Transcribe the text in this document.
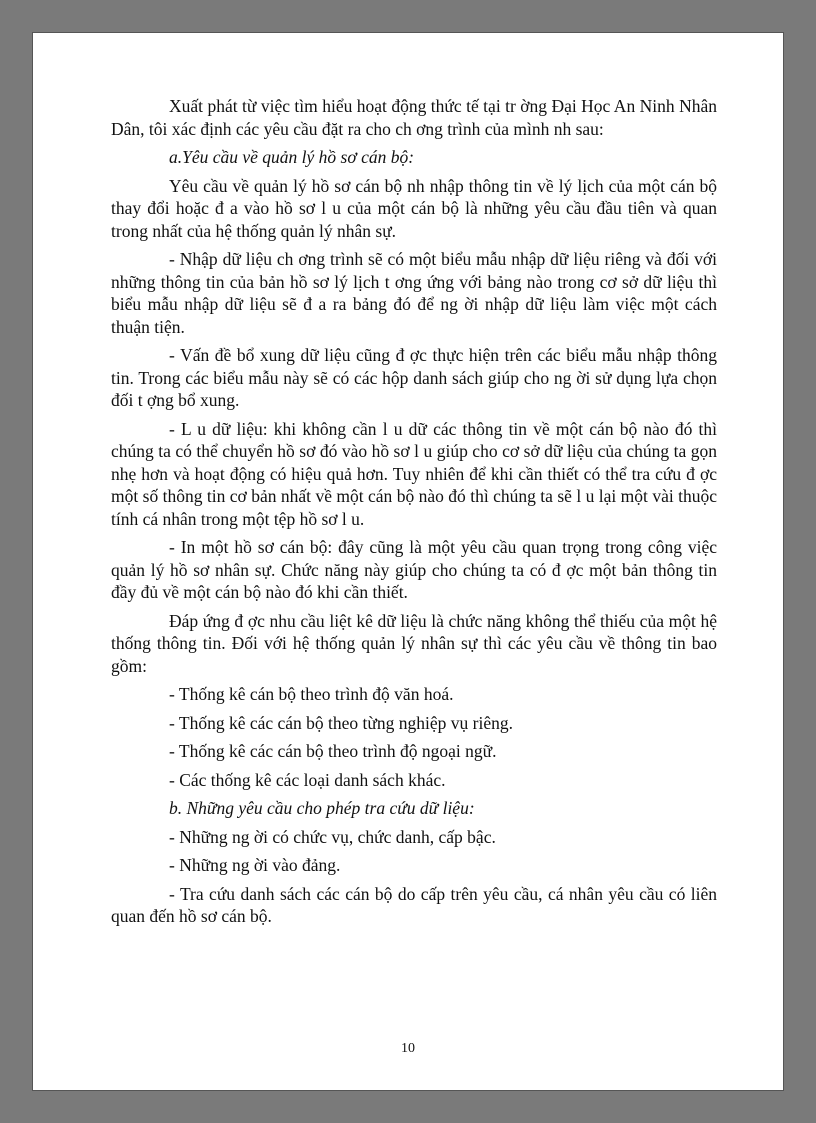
Xuất phát từ việc tìm hiểu hoạt động thức tế tại tr ờng Đại Học An Ninh Nhân Dân, tôi xác định các yêu cầu đặt ra cho ch ơng trình của mình nh sau:

a.Yêu cầu về quản lý hồ sơ cán bộ:

Yêu cầu về quản lý hồ sơ cán bộ nh nhập thông tin về lý lịch của một cán bộ thay đổi hoặc đ a vào hồ sơ l u của một cán bộ là những yêu cầu đầu tiên và quan trong nhất của hệ thống quản lý nhân sự.

- Nhập dữ liệu ch ơng trình sẽ có một biểu mẫu nhập dữ liệu riêng và đối với những thông tin của bản hồ sơ lý lịch t ơng ứng với bảng nào trong cơ sở dữ liệu thì biểu mẫu nhập dữ liệu sẽ đ a ra bảng đó để ng ời nhập dữ liệu làm việc một cách thuận tiện.

- Vấn đề bổ xung dữ liệu cũng đ ợc thực hiện trên các biểu mẫu nhập thông tin. Trong các biểu mẫu này sẽ có các hộp danh sách giúp cho ng ời sử dụng lựa chọn đối t ợng bổ xung.

- L u dữ liệu: khi không cần l u dữ các thông tin về một cán bộ nào đó thì chúng ta có thể chuyển hồ sơ đó vào hồ sơ l u giúp cho cơ sở dữ liệu của chúng ta gọn nhẹ hơn và hoạt động có hiệu quả hơn. Tuy nhiên để khi cần thiết có thể tra cứu đ ợc một số thông tin cơ bản nhất về một cán bộ nào đó thì chúng ta sẽ l u lại một vài thuộc tính cá nhân trong một tệp hồ sơ l u.

- In một hồ sơ cán bộ: đây cũng là một yêu cầu quan trọng trong công việc quản lý hồ sơ nhân sự. Chức năng này giúp cho chúng ta có đ ợc một bản thông tin đầy đủ về một cán bộ nào đó khi cần thiết.

Đáp ứng đ ợc nhu cầu liệt kê dữ liệu là chức năng không thể thiếu của một hệ thống thông tin. Đối với hệ thống quản lý nhân sự thì các yêu cầu về thông tin bao gồm:

- Thống kê cán bộ theo trình độ văn hoá.

- Thống kê các cán bộ theo từng nghiệp vụ riêng.

- Thống kê các cán bộ theo trình độ ngoại ngữ.

- Các thống kê các loại danh sách khác.

b. Những yêu cầu cho phép tra cứu dữ liệu:

- Những ng ời có chức vụ, chức danh, cấp bậc.

- Những ng ời vào đảng.

- Tra cứu danh sách các cán bộ do cấp trên yêu cầu, cá nhân yêu cầu có liên quan đến hồ sơ cán bộ.

10
